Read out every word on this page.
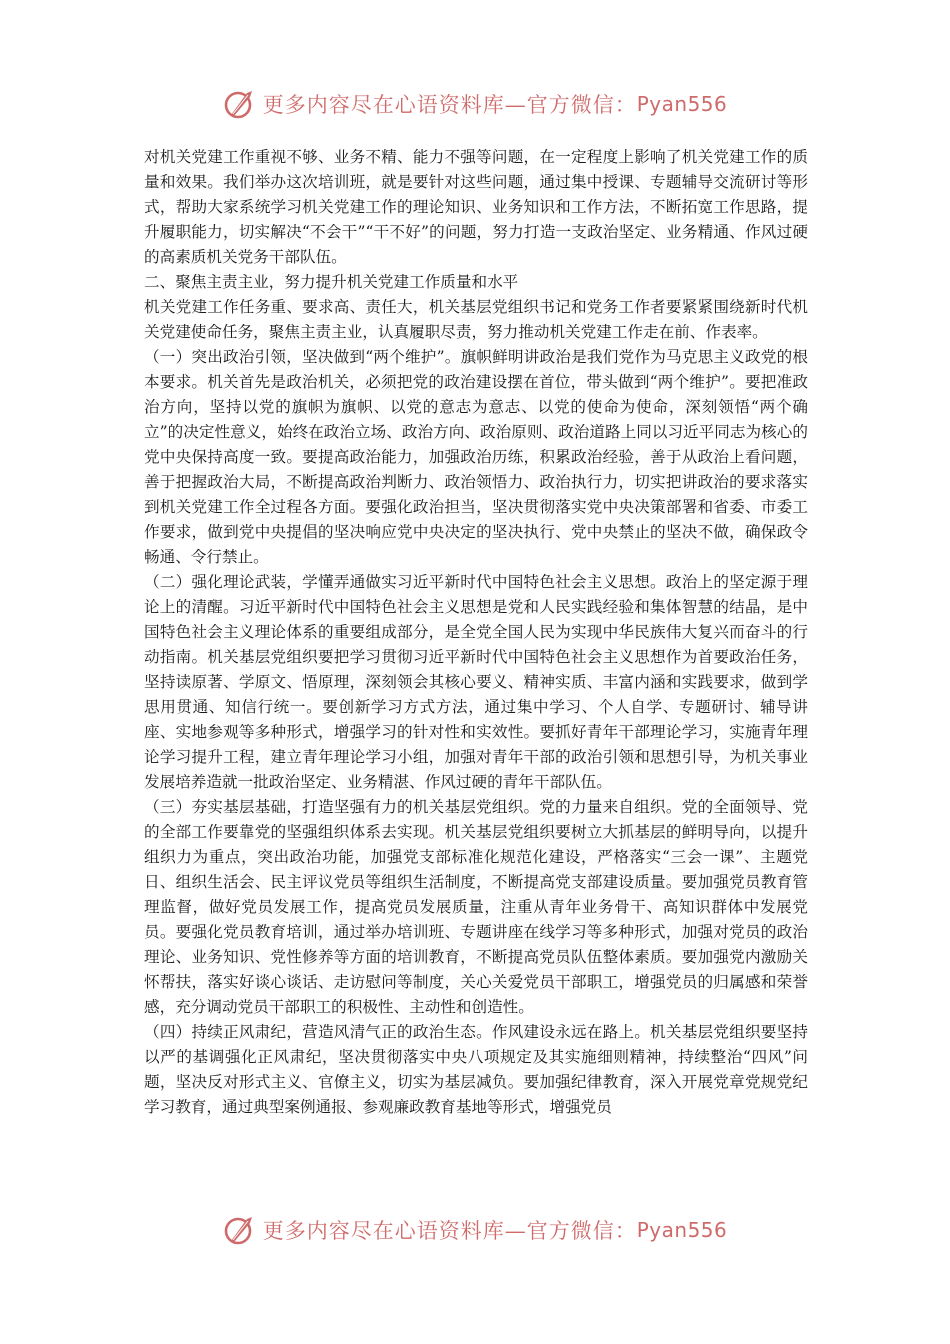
更多内容尽在心语资料库—官方微信： Pyan556

对机关党建工作重视不够、业务不精、能力不强等问题，在一定程度上影响了机关党建工作的质量和效果。我们举办这次培训班，就是要针对这些问题，通过集中授课、专题辅导交流研讨等形式，帮助大家系统学习机关党建工作的理论知识、业务知识和工作方法，不断拓宽工作思路，提升履职能力，切实解决“不会干”“干不好”的问题，努力打造一支政治坚定、业务精通、作风过硬的高素质机关党务干部队伍。

二、聚焦主责主业，努力提升机关党建工作质量和水平

机关党建工作任务重、要求高、责任大，机关基层党组织书记和党务工作者要紧紧围绕新时代机关党建使命任务，聚焦主责主业，认真履职尽责，努力推动机关党建工作走在前、作表率。

（一）突出政治引领，坚决做到“两个维护”。旗帜鲜明讲政治是我们党作为马克思主义政党的根本要求。机关首先是政治机关，必须把党的政治建设摆在首位，带头做到“两个维护”。要把准政治方向，坚持以党的旗帜为旗帜、以党的意志为意志、以党的使命为使命，深刻领悟“两个确立”的决定性意义，始终在政治立场、政治方向、政治原则、政治道路上同以习近平同志为核心的党中央保持高度一致。要提高政治能力，加强政治历练，积累政治经验，善于从政治上看问题，善于把握政治大局，不断提高政治判断力、政治领悟力、政治执行力，切实把讲政治的要求落实到机关党建工作全过程各方面。要强化政治担当，坚决贯彻落实党中央决策部署和省委、市委工作要求，做到党中央提倡的坚决响应党中央决定的坚决执行、党中央禁止的坚决不做，确保政令畅通、令行禁止。

（二）强化理论武装，学懂弄通做实习近平新时代中国特色社会主义思想。政治上的坚定源于理论上的清醒。习近平新时代中国特色社会主义思想是党和人民实践经验和集体智慧的结晶，是中国特色社会主义理论体系的重要组成部分，是全党全国人民为实现中华民族伟大复兴而奋斗的行动指南。机关基层党组织要把学习贯彻习近平新时代中国特色社会主义思想作为首要政治任务，坚持读原著、学原文、悟原理，深刻领会其核心要义、精神实质、丰富内涵和实践要求，做到学思用贯通、知信行统一。要创新学习方式方法，通过集中学习、个人自学、专题研讨、辅导讲座、实地参观等多种形式，增强学习的针对性和实效性。要抓好青年干部理论学习，实施青年理论学习提升工程，建立青年理论学习小组，加强对青年干部的政治引领和思想引导，为机关事业发展培养造就一批政治坚定、业务精湛、作风过硬的青年干部队伍。

（三）夯实基层基础，打造坚强有力的机关基层党组织。党的力量来自组织。党的全面领导、党的全部工作要靠党的坚强组织体系去实现。机关基层党组织要树立大抓基层的鲜明导向，以提升组织力为重点，突出政治功能，加强党支部标准化规范化建设，严格落实“三会一课”、主题党日、组织生活会、民主评议党员等组织生活制度，不断提高党支部建设质量。要加强党员教育管理监督，做好党员发展工作，提高党员发展质量，注重从青年业务骨干、高知识群体中发展党员。要强化党员教育培训，通过举办培训班、专题讲座在线学习等多种形式，加强对党员的政治理论、业务知识、党性修养等方面的培训教育，不断提高党员队伍整体素质。要加强党内激励关怀帮扶，落实好谈心谈话、走访慰问等制度，关心关爱党员干部职工，增强党员的归属感和荣誉感，充分调动党员干部职工的积极性、主动性和创造性。

（四）持续正风肃纪，营造风清气正的政治生态。作风建设永远在路上。机关基层党组织要坚持以严的基调强化正风肃纪，坚决贯彻落实中央八项规定及其实施细则精神，持续整治“四风”问题，坚决反对形式主义、官僚主义，切实为基层减负。要加强纪律教育，深入开展党章党规党纪学习教育，通过典型案例通报、参观廉政教育基地等形式，增强党员

更多内容尽在心语资料库—官方微信： Pyan556
